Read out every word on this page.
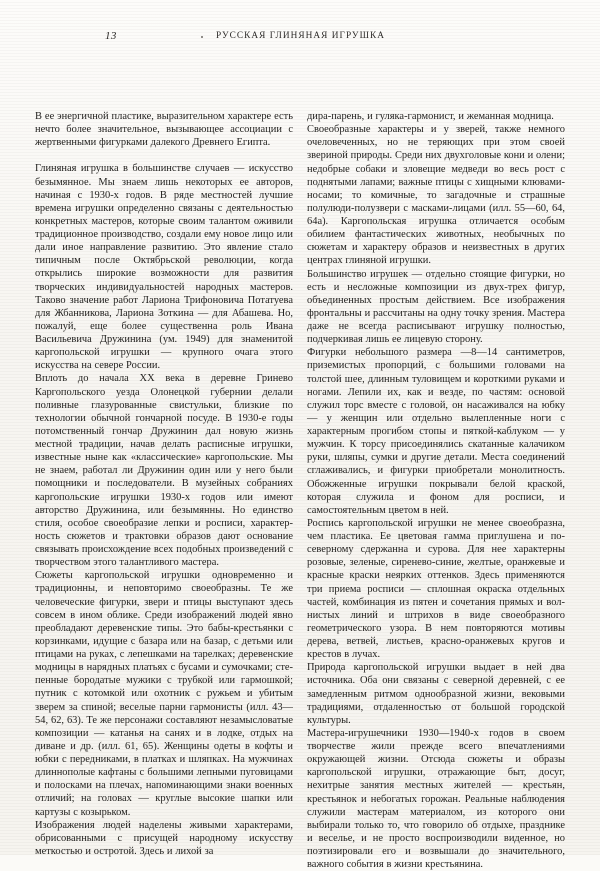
13	РУССКАЯ ГЛИНЯНАЯ ИГРУШКА

В ее энергичной пластике, выразительном характере есть нечто более значительное, вызывающее ассоциации с жертвенными фигурками далекого Древнего Египта.

Глиняная игрушка в большинстве случаев — искусство безымянное. Мы знаем лишь некоторых ее авторов, начиная с 1930-х годов. В ряде местностей лучшие времена игрушки определенно связаны с деятельностью конкретных мастеров, которые своим талантом оживили традиционное производство, создали ему новое лицо или дали иное направление развитию. Это явление стало типичным после Октябрьской революции, когда открылись широкие возможности для развития творческих индивидуальностей народных мастеров. Таково значение работ Лариона Трифоновича Потатуева для Жбанникова, Лариона Зоткина — для Абашева. Но, пожалуй, еще более существенна роль Ивана Васильевича Дружинина (ум. 1949) для знаменитой каргопольской игрушки — крупного очага этого искусства на севере России.

Вплоть до начала XX века в деревне Гринево Каргопольского уезда Олонецкой губернии делали поливные глазурованные свистульки, близкие по технологии обычной гончарной посуде. В 1930-е годы потомственный гончар Дружинин дал новую жизнь местной традиции, начав делать расписные игрушки, известные ныне как «классические» каргопольские. Мы не знаем, работал ли Дружинин один или у него были помощники и последователи. В музейных собраниях каргопольские игрушки 1930-х годов или имеют авторство Дружинина, или безымянны. Но единство стиля, особое своеобразие лепки и росписи, характерность сюжетов и трактовки образов дают основание связывать происхождение всех подобных произведений с творчеством этого талантливого мастера.

Сюжеты каргопольской игрушки одновременно и традиционны, и неповторимо своеобразны. Те же человеческие фигурки, звери и птицы выступают здесь совсем в ином облике. Среди изображений людей явно преобладают деревенские типы. Это бабы-крестьянки с корзинками, идущие с базара или на базар, с детьми или птицами на руках, с лепешками на тарелках; деревенские модницы в нарядных платьях с бусами и сумочками; степенные бородатые мужики с трубкой или гармошкой; путник с котомкой или охотник с ружьем и убитым зверем за спиной; веселые парни гармонисты (илл. 43—54, 62, 63). Те же персонажи составляют незамысловатые композиции — катанья на санях и в лодке, отдых на диване и др. (илл. 61, 65). Женщины одеты в кофты и юбки с передниками, в платках и шляпках. На мужчинах длиннополые кафтаны с большими лепными пуговицами и полосками на плечах, напоминающими знаки военных отличий; на головах — круглые высокие шапки или картузы с козырьком.

Изображения людей наделены живыми характерами, обрисованными с присущей народному искусству меткостью и остротой. Здесь и лихой за

дира-парень, и гуляка-гармонист, и жеманная модница.

Своеобразные характеры и у зверей, также немного очеловеченных, но не теряющих при этом своей звериной природы. Среди них двухголовые кони и олени; недобрые собаки и зловещие медведи во весь рост с поднятыми лапами; важные птицы с хищными клювами-носами; то комичные, то загадочные и страшные полулюди-полузвери с масками-лицами (илл. 55—60, 64, 64а). Каргопольская игрушка отличается особым обилием фантастических животных, необычных по сюжетам и характеру образов и неизвестных в других центрах глиняной игрушки.

Большинство игрушек — отдельно стоящие фигурки, но есть и несложные композиции из двух-трех фигур, объединенных простым действием. Все изображения фронтальны и рассчитаны на одну точку зрения. Мастера даже не всегда расписывают игрушку полностью, подчеркивая лишь ее лицевую сторону.

Фигурки небольшого размера —8—14 сантиметров, приземистых пропорций, с большими головами на толстой шее, длинным туловищем и короткими руками и ногами. Лепили их, как и везде, по частям: основой служил торс вместе с головой, он насаживался на юбку — у женщин или отдельно вылепленные ноги с характерным прогибом стопы и пяткой-каблуком — у мужчин. К торсу присоединялись скатанные калачиком руки, шляпы, сумки и другие детали. Места соединений сглаживались, и фигурки приобретали монолитность. Обожженные игрушки покрывали белой краской, которая служила и фоном для росписи, и самостоятельным цветом в ней.

Роспись каргопольской игрушки не менее своеобразна, чем пластика. Ее цветовая гамма приглушена и по-северному сдержанна и сурова. Для нее характерны розовые, зеленые, сиренево-синие, желтые, оранжевые и красные краски неярких оттенков. Здесь применяются три приема росписи — сплошная окраска отдельных частей, комбинация из пятен и сочетания прямых и волнистых линий и штрихов в виде своеобразного геометрического узора. В нем повторяются мотивы дерева, ветвей, листьев, красно-оранжевых кругов и крестов в лучах.

Природа каргопольской игрушки выдает в ней два источника. Оба они связаны с северной деревней, с ее замедленным ритмом однообразной жизни, вековыми традициями, отдаленностью от большой городской культуры.

Мастера-игрушечники 1930—1940-х годов в своем творчестве жили прежде всего впечатлениями окружающей жизни. Отсюда сюжеты и образы каргопольской игрушки, отражающие быт, досуг, нехитрые занятия местных жителей — крестьян, крестьянок и небогатых горожан. Реальные наблюдения служили мастерам материалом, из которого они выбирали только то, что говорило об отдыхе, празднике и веселье, и не просто воспроизводили виденное, но поэтизировали его и возвышали до значительного, важного события в жизни крестьянина.
